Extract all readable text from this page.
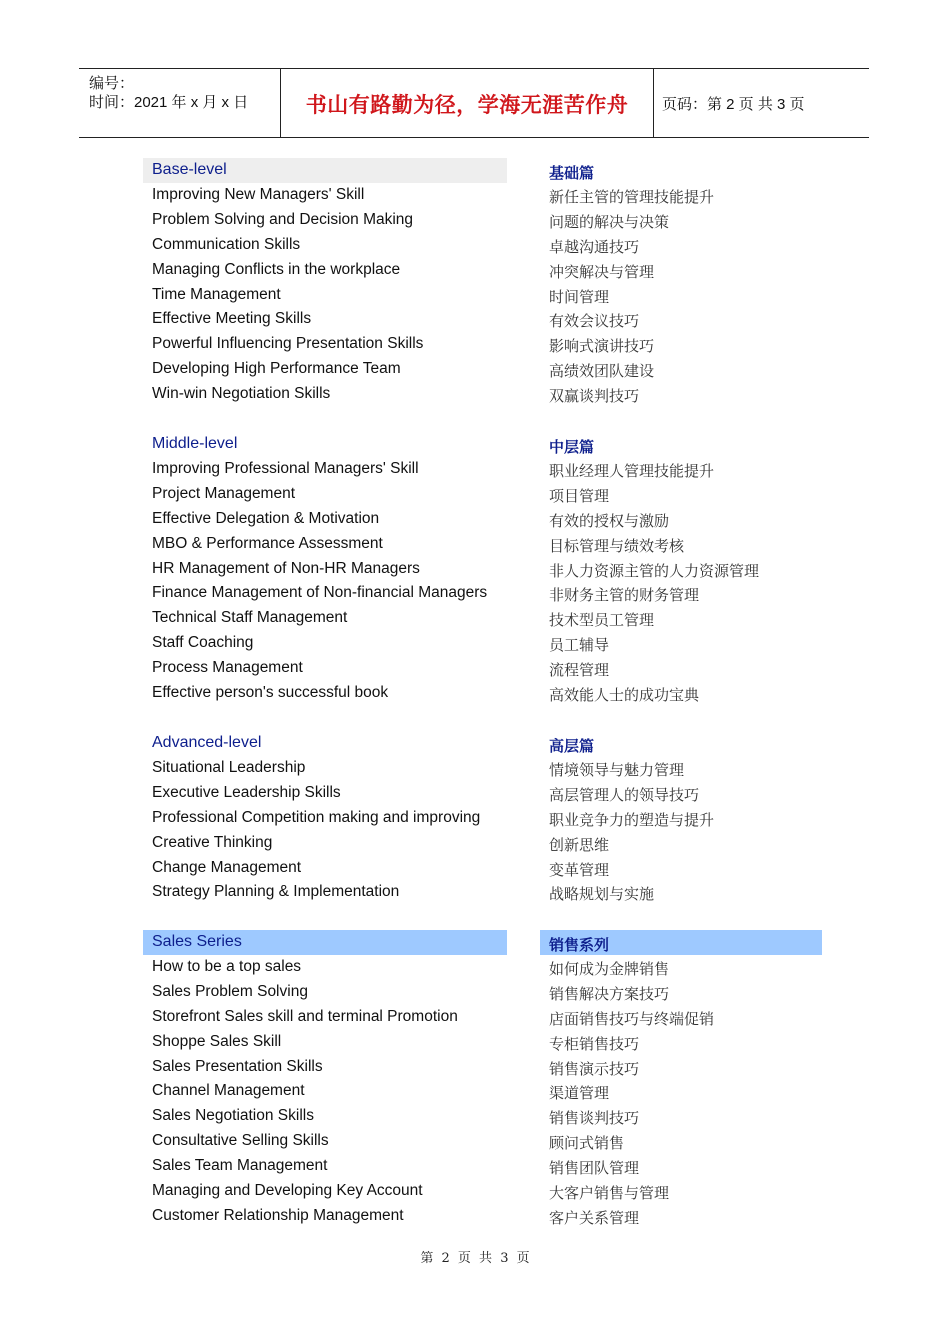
编号：
时间：2021 年 x 月 x 日	书山有路勤为径，学海无涯苦作舟	页码：第 2 页 共 3 页
Base-level	基础篇
Improving New Managers' Skill	新任主管的管理技能提升
Problem Solving and Decision Making	问题的解决与决策
Communication Skills	卓越沟通技巧
Managing Conflicts in the workplace	冲突解决与管理
Time Management	时间管理
Effective Meeting Skills	有效会议技巧
Powerful Influencing Presentation Skills	影响式演讲技巧
Developing High Performance Team	高绩效团队建设
Win-win Negotiation Skills	双赢谈判技巧
Middle-level	中层篇
Improving Professional Managers' Skill	职业经理人管理技能提升
Project Management	项目管理
Effective Delegation & Motivation	有效的授权与激励
MBO & Performance Assessment	目标管理与绩效考核
HR Management of Non-HR Managers	非人力资源主管的人力资源管理
Finance Management of Non-financial Managers	非财务主管的财务管理
Technical Staff Management	技术型员工管理
Staff Coaching	员工辅导
Process Management	流程管理
Effective person's successful book	高效能人士的成功宝典
Advanced-level	高层篇
Situational Leadership	情境领导与魅力管理
Executive Leadership Skills	高层管理人的领导技巧
Professional Competition making and improving	职业竞争力的塑造与提升
Creative Thinking	创新思维
Change Management	变革管理
Strategy Planning & Implementation	战略规划与实施
Sales Series	销售系列
How to be a top sales	如何成为金牌销售
Sales Problem Solving	销售解决方案技巧
Storefront Sales skill and terminal Promotion	店面销售技巧与终端促销
Shoppe Sales Skill	专柜销售技巧
Sales Presentation Skills	销售演示技巧
Channel Management	渠道管理
Sales Negotiation Skills	销售谈判技巧
Consultative Selling Skills	顾问式销售
Sales Team Management	销售团队管理
Managing and Developing Key Account	大客户销售与管理
Customer Relationship Management	客户关系管理
第 2 页 共 3 页
